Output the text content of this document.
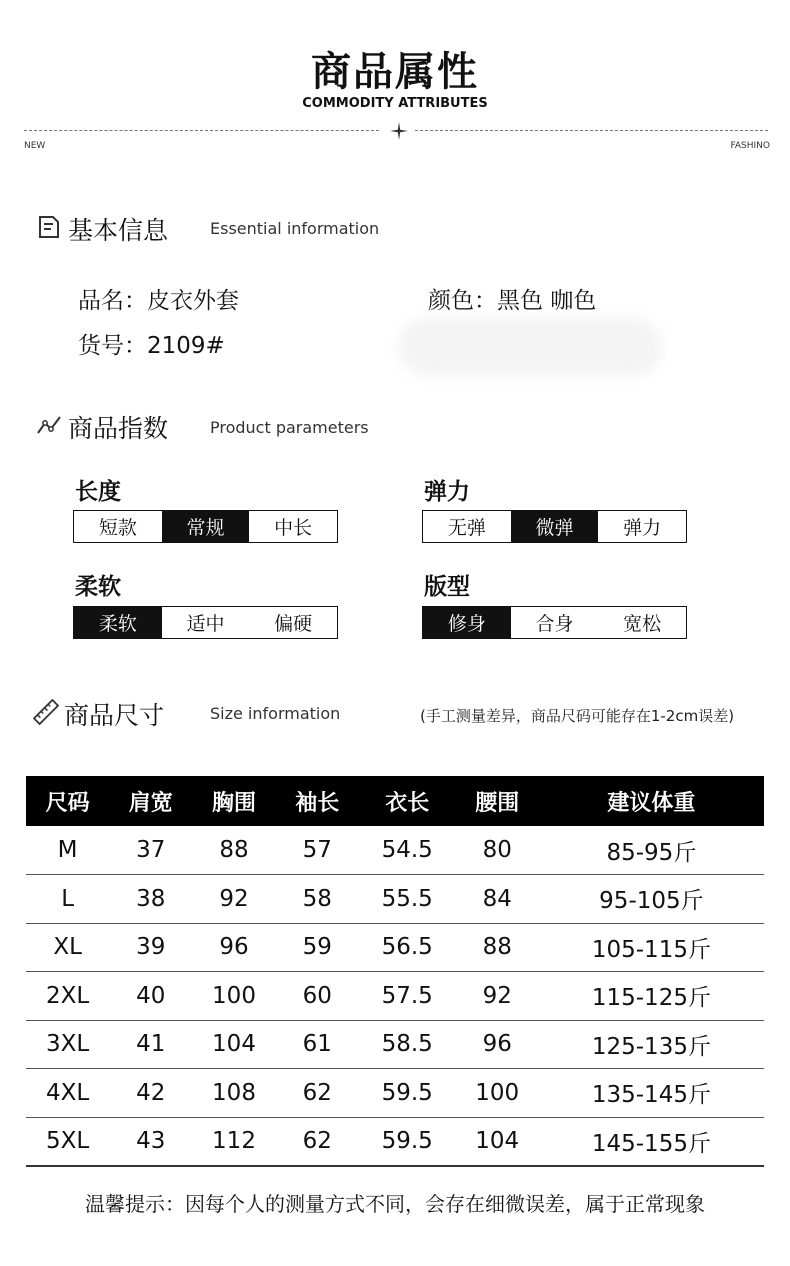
商品属性
COMMODITY ATTRIBUTES
NEW	FASHINO
基本信息	Essential information
品名：皮衣外套	颜色：黑色 咖色
货号：2109#
商品指数	Product parameters
长度
短款	常规	中长
弹力
无弹	微弹	弹力
柔软
柔软	适中	偏硬
版型
修身	合身	宽松
商品尺寸	Size information	(手工测量差异，商品尺码可能存在1-2cm误差)
尺码	肩宽	胸围	袖长	衣长	腰围	建议体重
M	37	88	57	54.5	80	85-95斤
L	38	92	58	55.5	84	95-105斤
XL	39	96	59	56.5	88	105-115斤
2XL	40	100	60	57.5	92	115-125斤
3XL	41	104	61	58.5	96	125-135斤
4XL	42	108	62	59.5	100	135-145斤
5XL	43	112	62	59.5	104	145-155斤
温馨提示：因每个人的测量方式不同，会存在细微误差，属于正常现象
